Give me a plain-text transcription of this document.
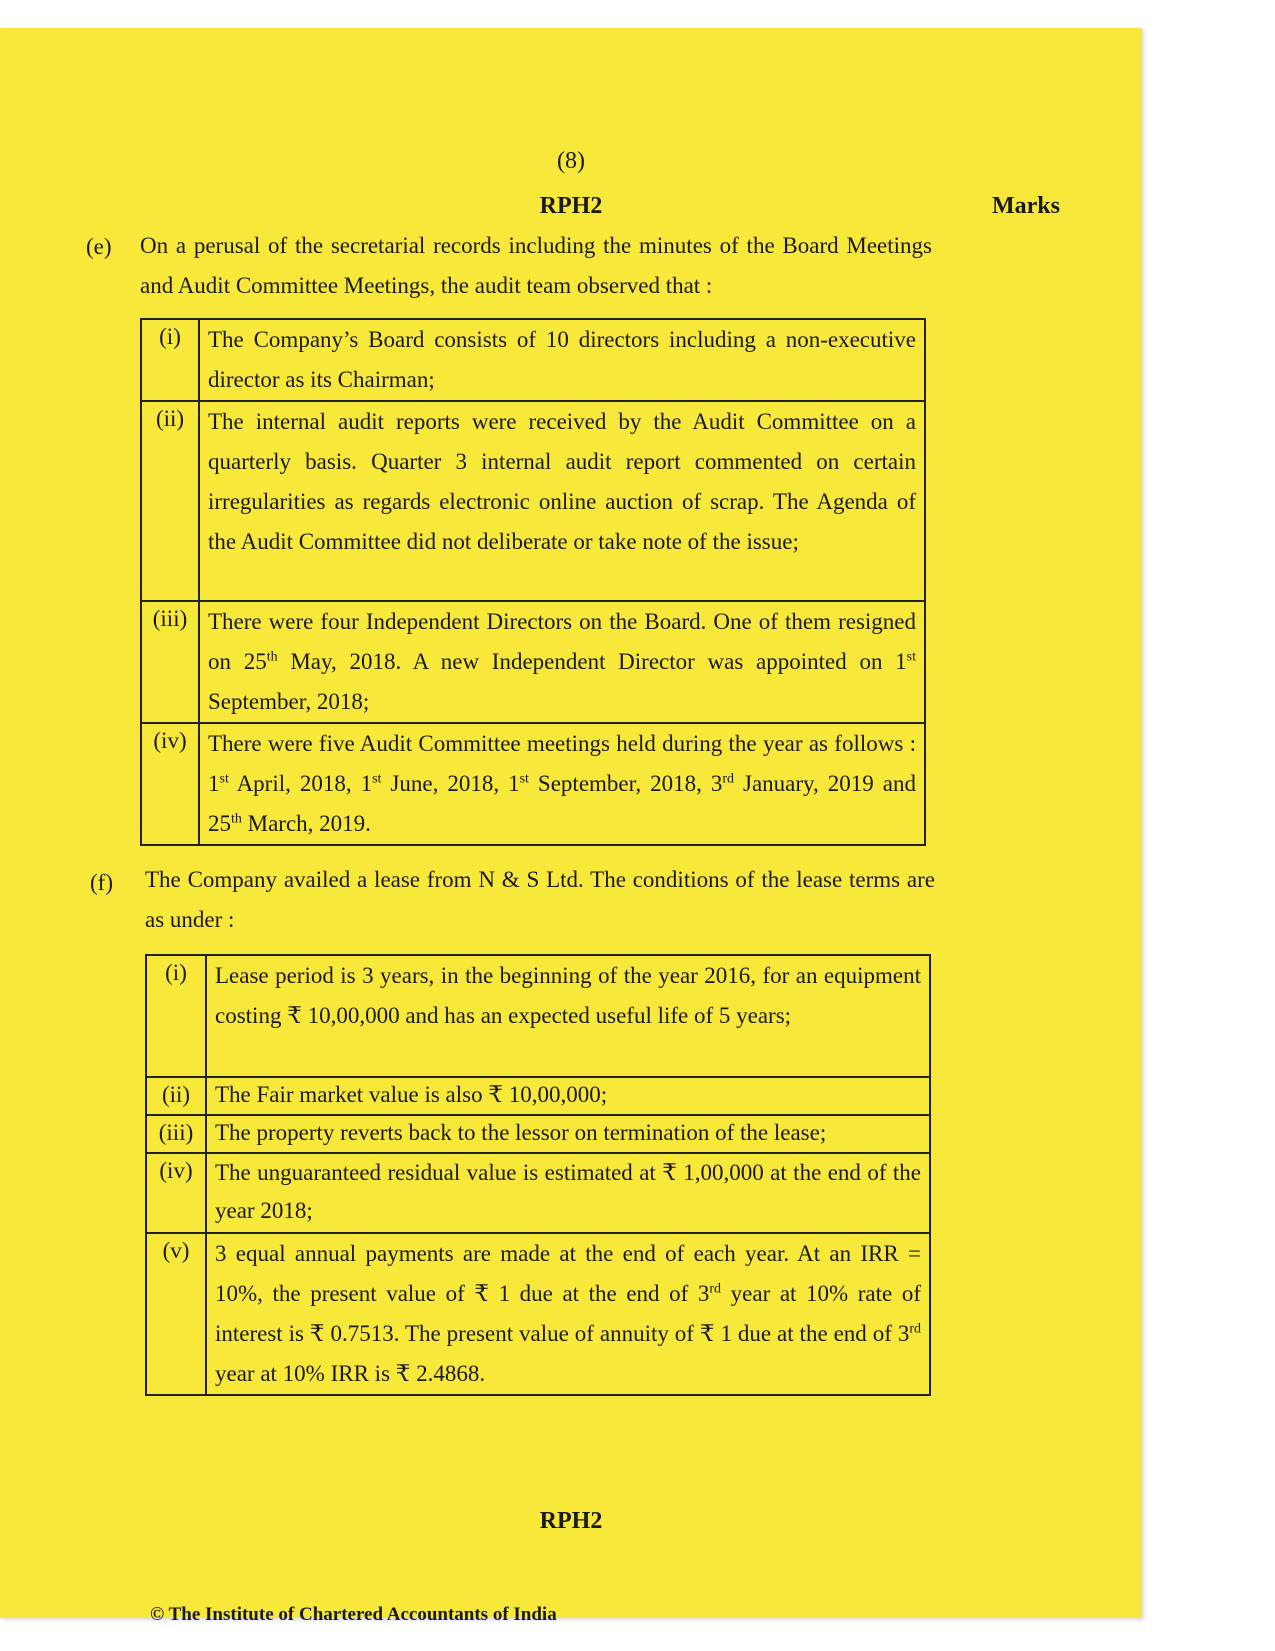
(8)
RPH2	Marks
(e) On a perusal of the secretarial records including the minutes of the Board Meetings and Audit Committee Meetings, the audit team observed that :
(i)	The Company’s Board consists of 10 directors including a non-executive director as its Chairman;
(ii)	The internal audit reports were received by the Audit Committee on a quarterly basis. Quarter 3 internal audit report commented on certain irregularities as regards electronic online auction of scrap. The Agenda of the Audit Committee did not deliberate or take note of the issue;
(iii)	There were four Independent Directors on the Board. One of them resigned on 25th May, 2018. A new Independent Director was appointed on 1st September, 2018;
(iv)	There were five Audit Committee meetings held during the year as follows : 1st April, 2018, 1st June, 2018, 1st September, 2018, 3rd January, 2019 and 25th March, 2019.
(f) The Company availed a lease from N & S Ltd. The conditions of the lease terms are as under :
(i)	Lease period is 3 years, in the beginning of the year 2016, for an equipment costing ₹ 10,00,000 and has an expected useful life of 5 years;
(ii)	The Fair market value is also ₹ 10,00,000;
(iii)	The property reverts back to the lessor on termination of the lease;
(iv)	The unguaranteed residual value is estimated at ₹ 1,00,000 at the end of the year 2018;
(v)	3 equal annual payments are made at the end of each year. At an IRR = 10%, the present value of ₹ 1 due at the end of 3rd year at 10% rate of interest is ₹ 0.7513. The present value of annuity of ₹ 1 due at the end of 3rd year at 10% IRR is ₹ 2.4868.
RPH2
© The Institute of Chartered Accountants of India
